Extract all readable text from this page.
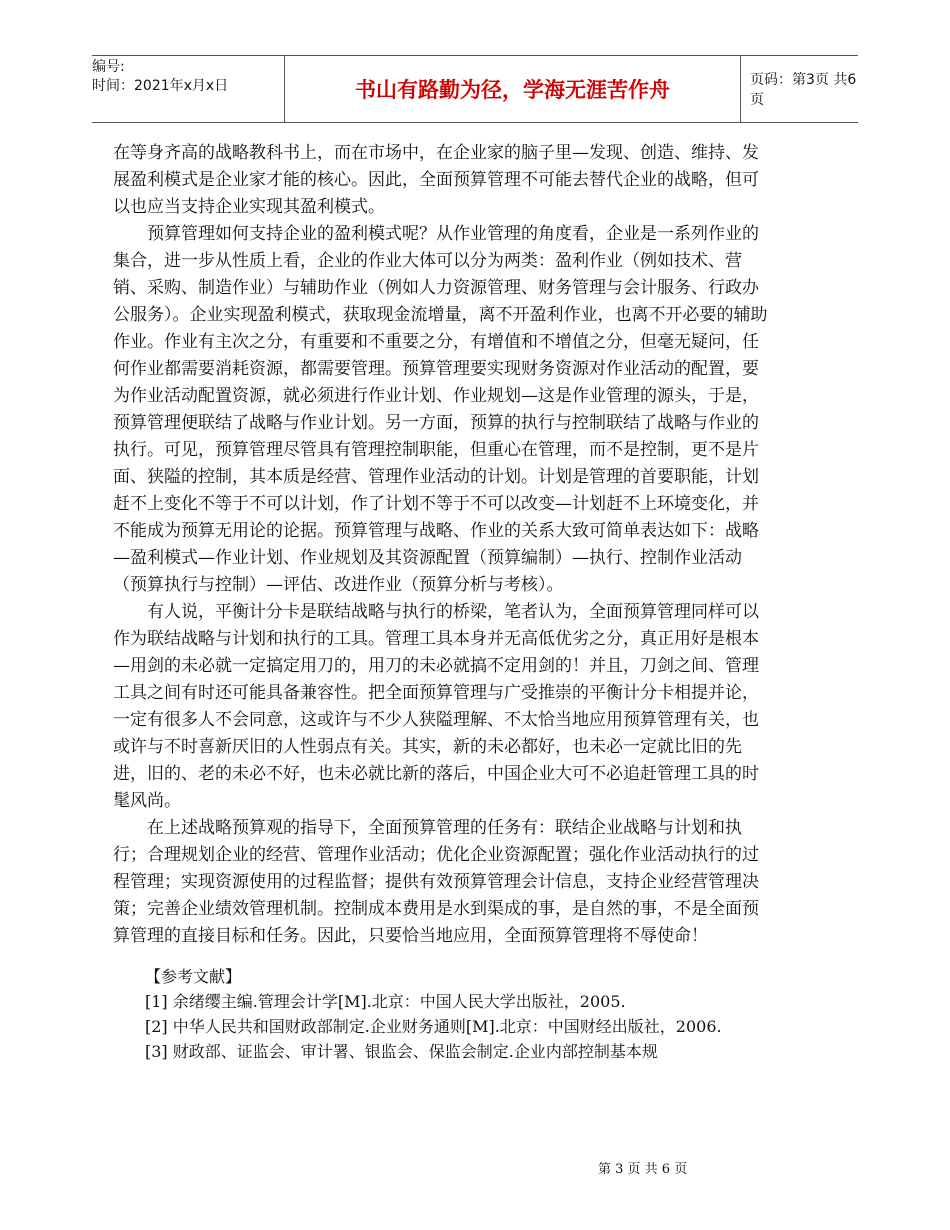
编号:
时间：2021年x月x日	书山有路勤为径，学海无涯苦作舟	页码：第3页 共6页

在等身齐高的战略教科书上，而在市场中，在企业家的脑子里—发现、创造、维持、发展盈利模式是企业家才能的核心。因此，全面预算管理不可能去替代企业的战略，但可以也应当支持企业实现其盈利模式。

预算管理如何支持企业的盈利模式呢？从作业管理的角度看，企业是一系列作业的集合，进一步从性质上看，企业的作业大体可以分为两类：盈利作业（例如技术、营销、采购、制造作业）与辅助作业（例如人力资源管理、财务管理与会计服务、行政办公服务）。企业实现盈利模式，获取现金流增量，离不开盈利作业，也离不开必要的辅助作业。作业有主次之分，有重要和不重要之分，有增值和不增值之分，但毫无疑问，任何作业都需要消耗资源，都需要管理。预算管理要实现财务资源对作业活动的配置，要为作业活动配置资源，就必须进行作业计划、作业规划—这是作业管理的源头，于是，预算管理便联结了战略与作业计划。另一方面，预算的执行与控制联结了战略与作业的执行。可见，预算管理尽管具有管理控制职能，但重心在管理，而不是控制，更不是片面、狭隘的控制，其本质是经营、管理作业活动的计划。计划是管理的首要职能，计划赶不上变化不等于不可以计划，作了计划不等于不可以改变—计划赶不上环境变化，并不能成为预算无用论的论据。预算管理与战略、作业的关系大致可简单表达如下：战略—盈利模式—作业计划、作业规划及其资源配置（预算编制）—执行、控制作业活动（预算执行与控制）—评估、改进作业（预算分析与考核）。

有人说，平衡计分卡是联结战略与执行的桥梁，笔者认为，全面预算管理同样可以作为联结战略与计划和执行的工具。管理工具本身并无高低优劣之分，真正用好是根本—用剑的未必就一定搞定用刀的，用刀的未必就搞不定用剑的！并且，刀剑之间、管理工具之间有时还可能具备兼容性。把全面预算管理与广受推崇的平衡计分卡相提并论，一定有很多人不会同意，这或许与不少人狭隘理解、不太恰当地应用预算管理有关，也或许与不时喜新厌旧的人性弱点有关。其实，新的未必都好，也未必一定就比旧的先进，旧的、老的未必不好，也未必就比新的落后，中国企业大可不必追赶管理工具的时髦风尚。

在上述战略预算观的指导下，全面预算管理的任务有：联结企业战略与计划和执行；合理规划企业的经营、管理作业活动；优化企业资源配置；强化作业活动执行的过程管理；实现资源使用的过程监督；提供有效预算管理会计信息，支持企业经营管理决策；完善企业绩效管理机制。控制成本费用是水到渠成的事，是自然的事，不是全面预算管理的直接目标和任务。因此，只要恰当地应用，全面预算管理将不辱使命！

【参考文献】

[1] 余绪缨主编.管理会计学[M].北京：中国人民大学出版社，2005.

[2] 中华人民共和国财政部制定.企业财务通则[M].北京：中国财经出版社，2006.

[3] 财政部、证监会、审计署、银监会、保监会制定.企业内部控制基本规

第 3 页 共 6 页
